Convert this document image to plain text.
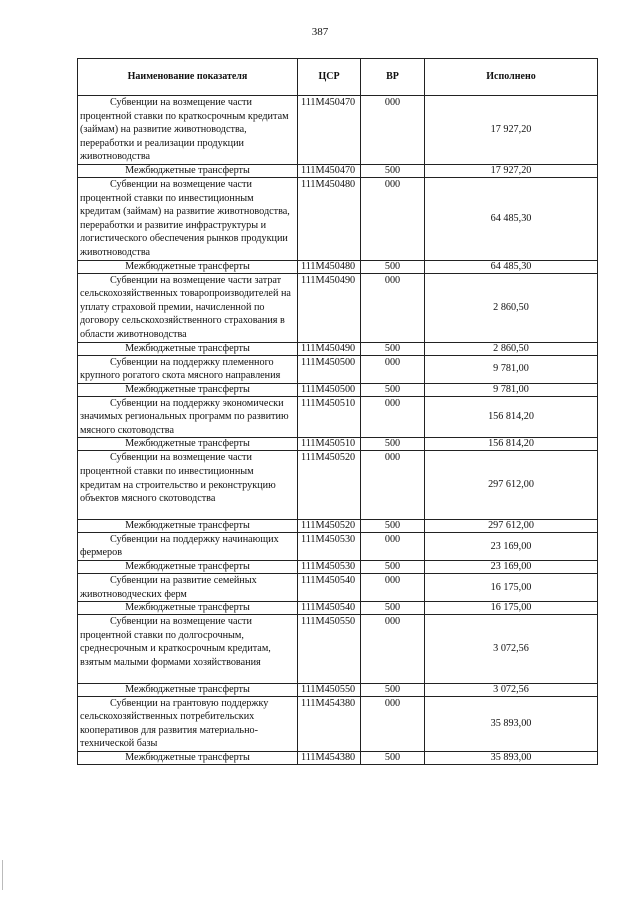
387
Наименование показателя	ЦСР	ВР	Исполнено
Субвенции на возмещение части процентной ставки по краткосрочным кредитам (займам) на развитие животноводства, переработки и реализации продукции животноводства	111М450470	000	17 927,20
Межбюджетные трансферты	111М450470	500	17 927,20
Субвенции на возмещение части процентной ставки по инвестиционным кредитам (займам) на развитие животноводства, переработки и развитие инфраструктуры и логистического обеспечения рынков продукции животноводства	111М450480	000	64 485,30
Межбюджетные трансферты	111М450480	500	64 485,30
Субвенции на возмещение части затрат сельскохозяйственных товаропроизводителей на уплату страховой премии, начисленной по договору сельскохозяйственного страхования в области животноводства	111М450490	000	2 860,50
Межбюджетные трансферты	111М450490	500	2 860,50
Субвенции на поддержку племенного крупного рогатого скота мясного направления	111М450500	000	9 781,00
Межбюджетные трансферты	111М450500	500	9 781,00
Субвенции на поддержку экономически значимых региональных программ по развитию мясного скотоводства	111М450510	000	156 814,20
Межбюджетные трансферты	111М450510	500	156 814,20
Субвенции на возмещение части процентной ставки по инвестиционным кредитам на строительство и реконструкцию объектов мясного скотоводства	111М450520	000	297 612,00
Межбюджетные трансферты	111М450520	500	297 612,00
Субвенции на поддержку начинающих фермеров	111М450530	000	23 169,00
Межбюджетные трансферты	111М450530	500	23 169,00
Субвенции на развитие семейных животноводческих ферм	111М450540	000	16 175,00
Межбюджетные трансферты	111М450540	500	16 175,00
Субвенции на возмещение части процентной ставки по долгосрочным, среднесрочным и краткосрочным кредитам, взятым малыми формами хозяйствования	111М450550	000	3 072,56
Межбюджетные трансферты	111М450550	500	3 072,56
Субвенции на грантовую поддержку сельскохозяйственных потребительских кооперативов для развития материально-технической базы	111М454380	000	35 893,00
Межбюджетные трансферты	111М454380	500	35 893,00
